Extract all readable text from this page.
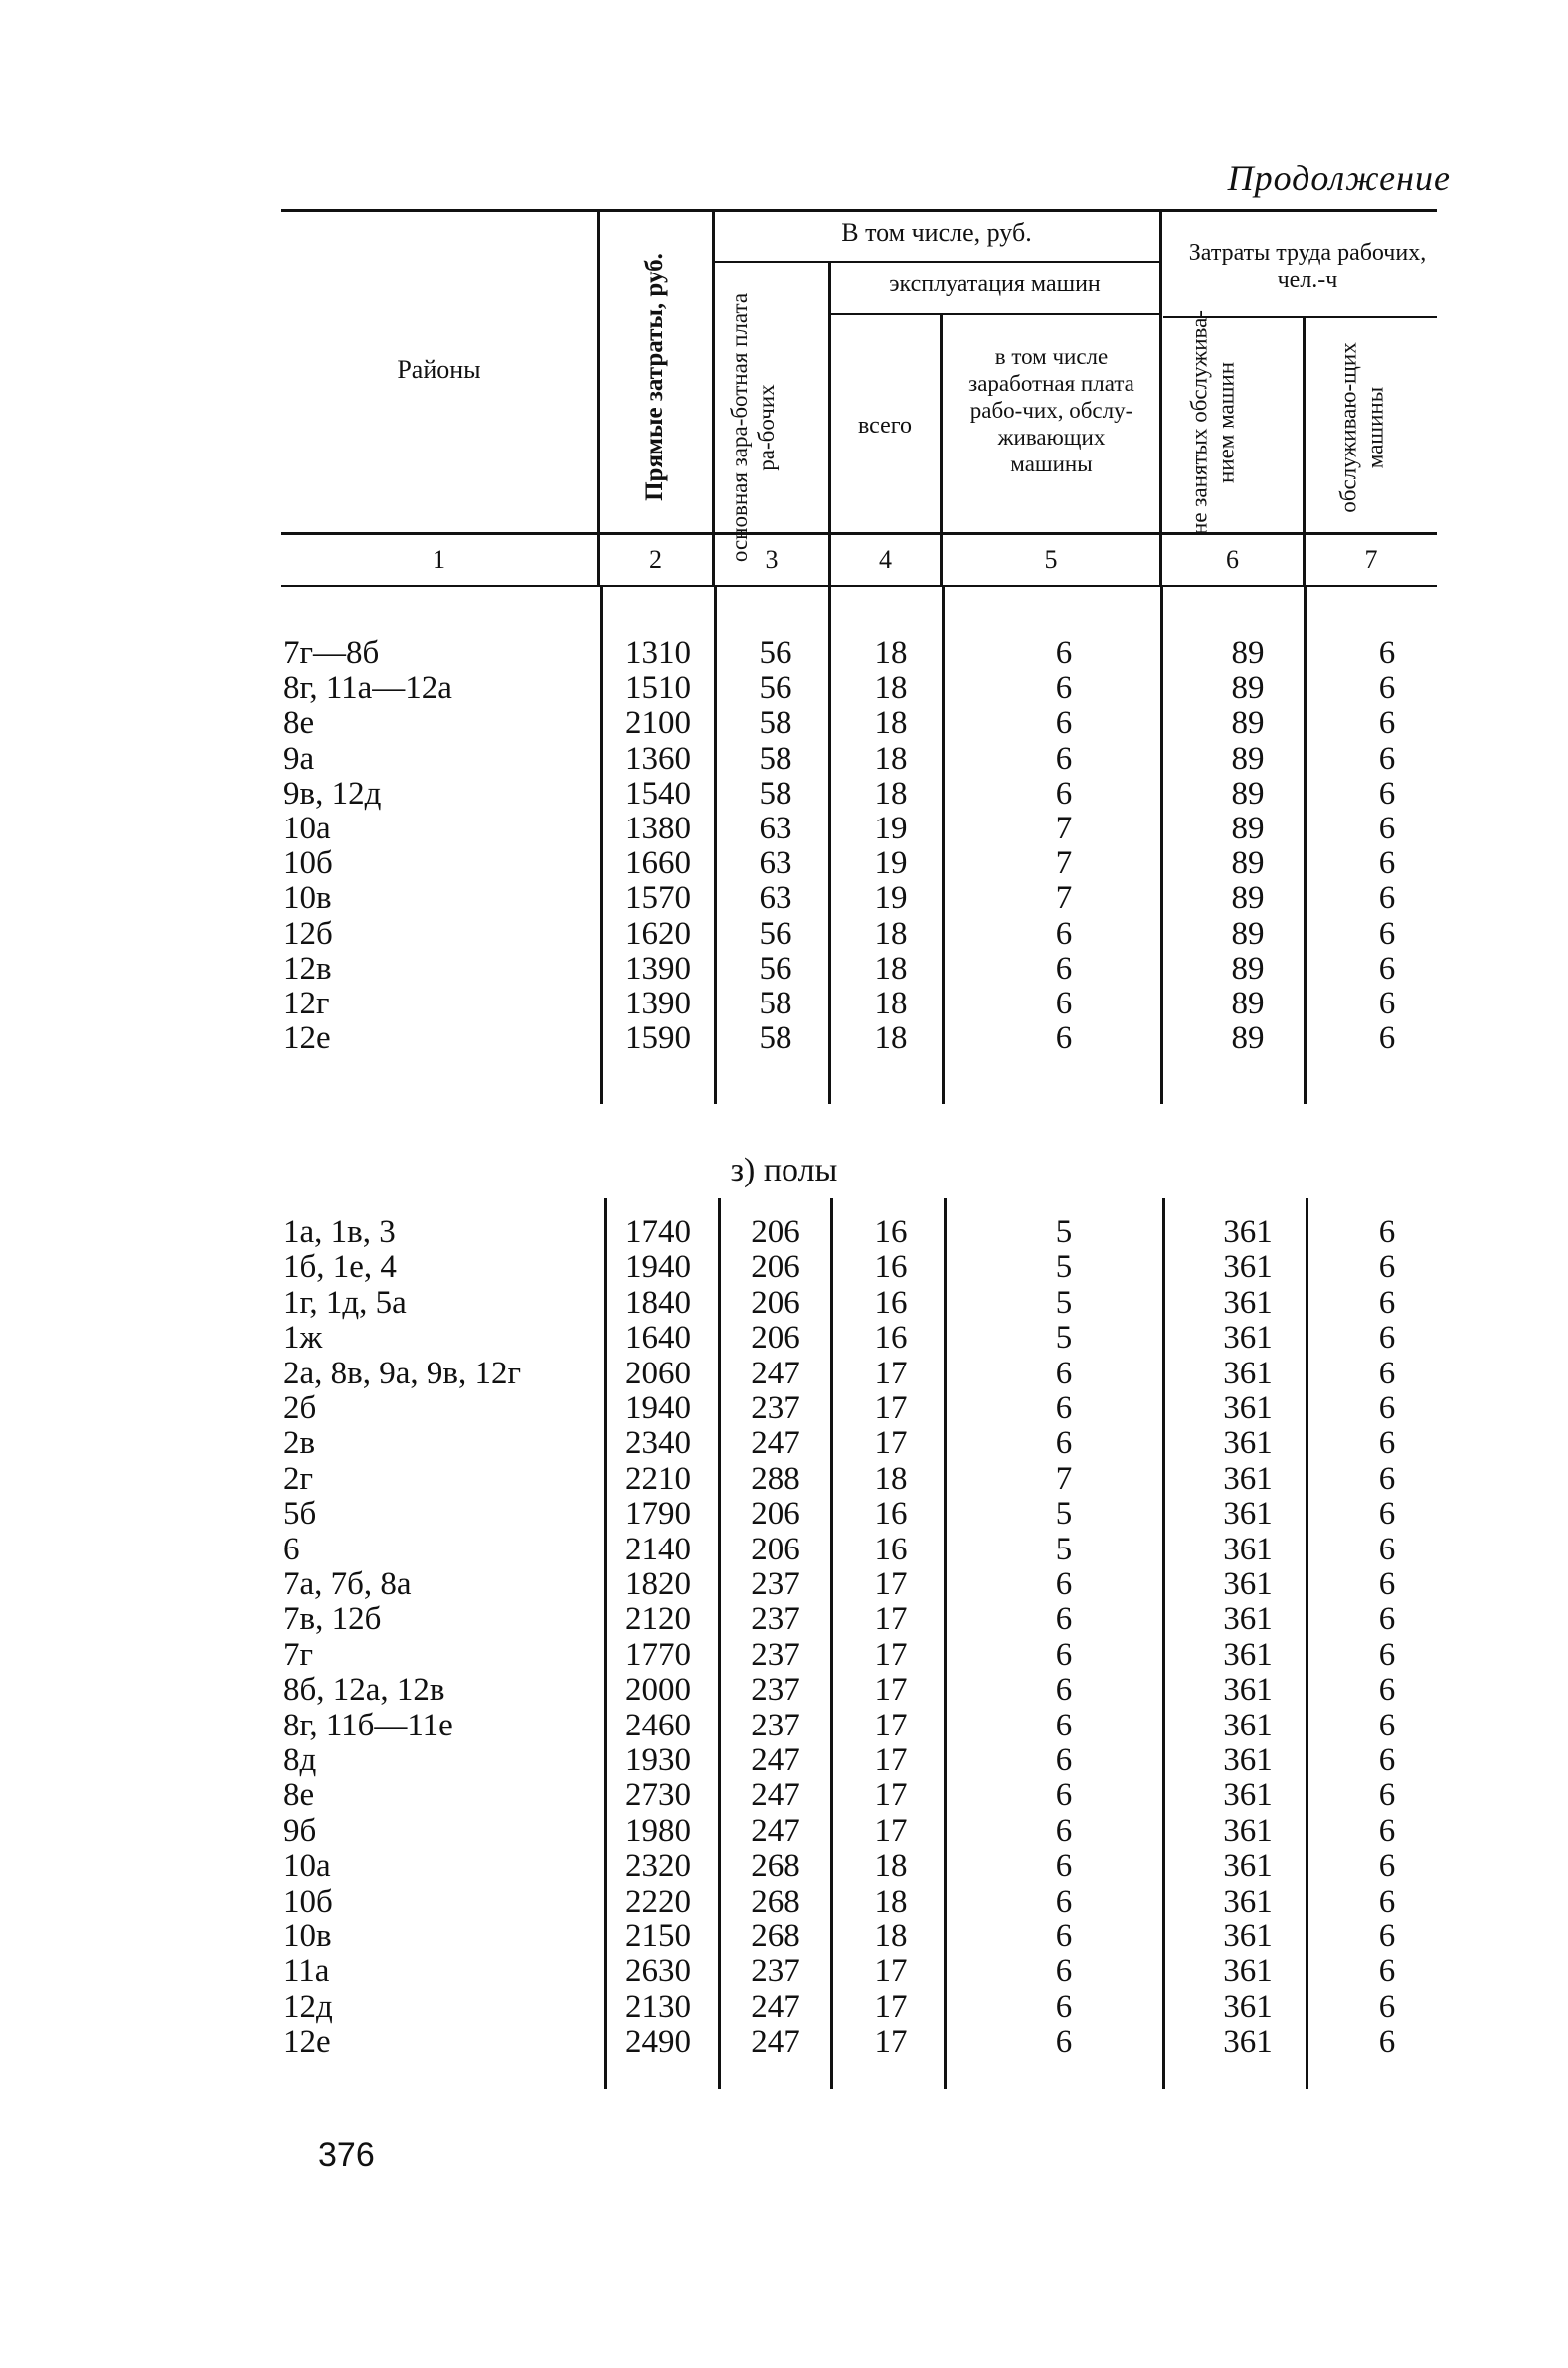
Продолжение
Районы	Прямые затраты, руб.
В том числе, руб.
основная зара-ботная плата ра-бочих
эксплуатация машин
всего
в том числе заработная плата рабо-чих, обслу-живающих машины
Затраты труда рабочих, чел.-ч
не занятых обслужива-нием машин	обслуживаю-щих машины
1	2	3	4	5	6	7
7г—8б	1310	56	18	6	89	6
8г, 11а—12а	1510	56	18	6	89	6
8е	2100	58	18	6	89	6
9а	1360	58	18	6	89	6
9в, 12д	1540	58	18	6	89	6
10а	1380	63	19	7	89	6
10б	1660	63	19	7	89	6
10в	1570	63	19	7	89	6
12б	1620	56	18	6	89	6
12в	1390	56	18	6	89	6
12г	1390	58	18	6	89	6
12е	1590	58	18	6	89	6
з) полы
1а, 1в, 3	1740	206	16	5	361	6
1б, 1е, 4	1940	206	16	5	361	6
1г, 1д, 5а	1840	206	16	5	361	6
1ж	1640	206	16	5	361	6
2а, 8в, 9а, 9в, 12г	2060	247	17	6	361	6
2б	1940	237	17	6	361	6
2в	2340	247	17	6	361	6
2г	2210	288	18	7	361	6
5б	1790	206	16	5	361	6
6	2140	206	16	5	361	6
7а, 7б, 8а	1820	237	17	6	361	6
7в, 12б	2120	237	17	6	361	6
7г	1770	237	17	6	361	6
8б, 12а, 12в	2000	237	17	6	361	6
8г, 11б—11е	2460	237	17	6	361	6
8д	1930	247	17	6	361	6
8е	2730	247	17	6	361	6
9б	1980	247	17	6	361	6
10а	2320	268	18	6	361	6
10б	2220	268	18	6	361	6
10в	2150	268	18	6	361	6
11а	2630	237	17	6	361	6
12д	2130	247	17	6	361	6
12е	2490	247	17	6	361	6
376
